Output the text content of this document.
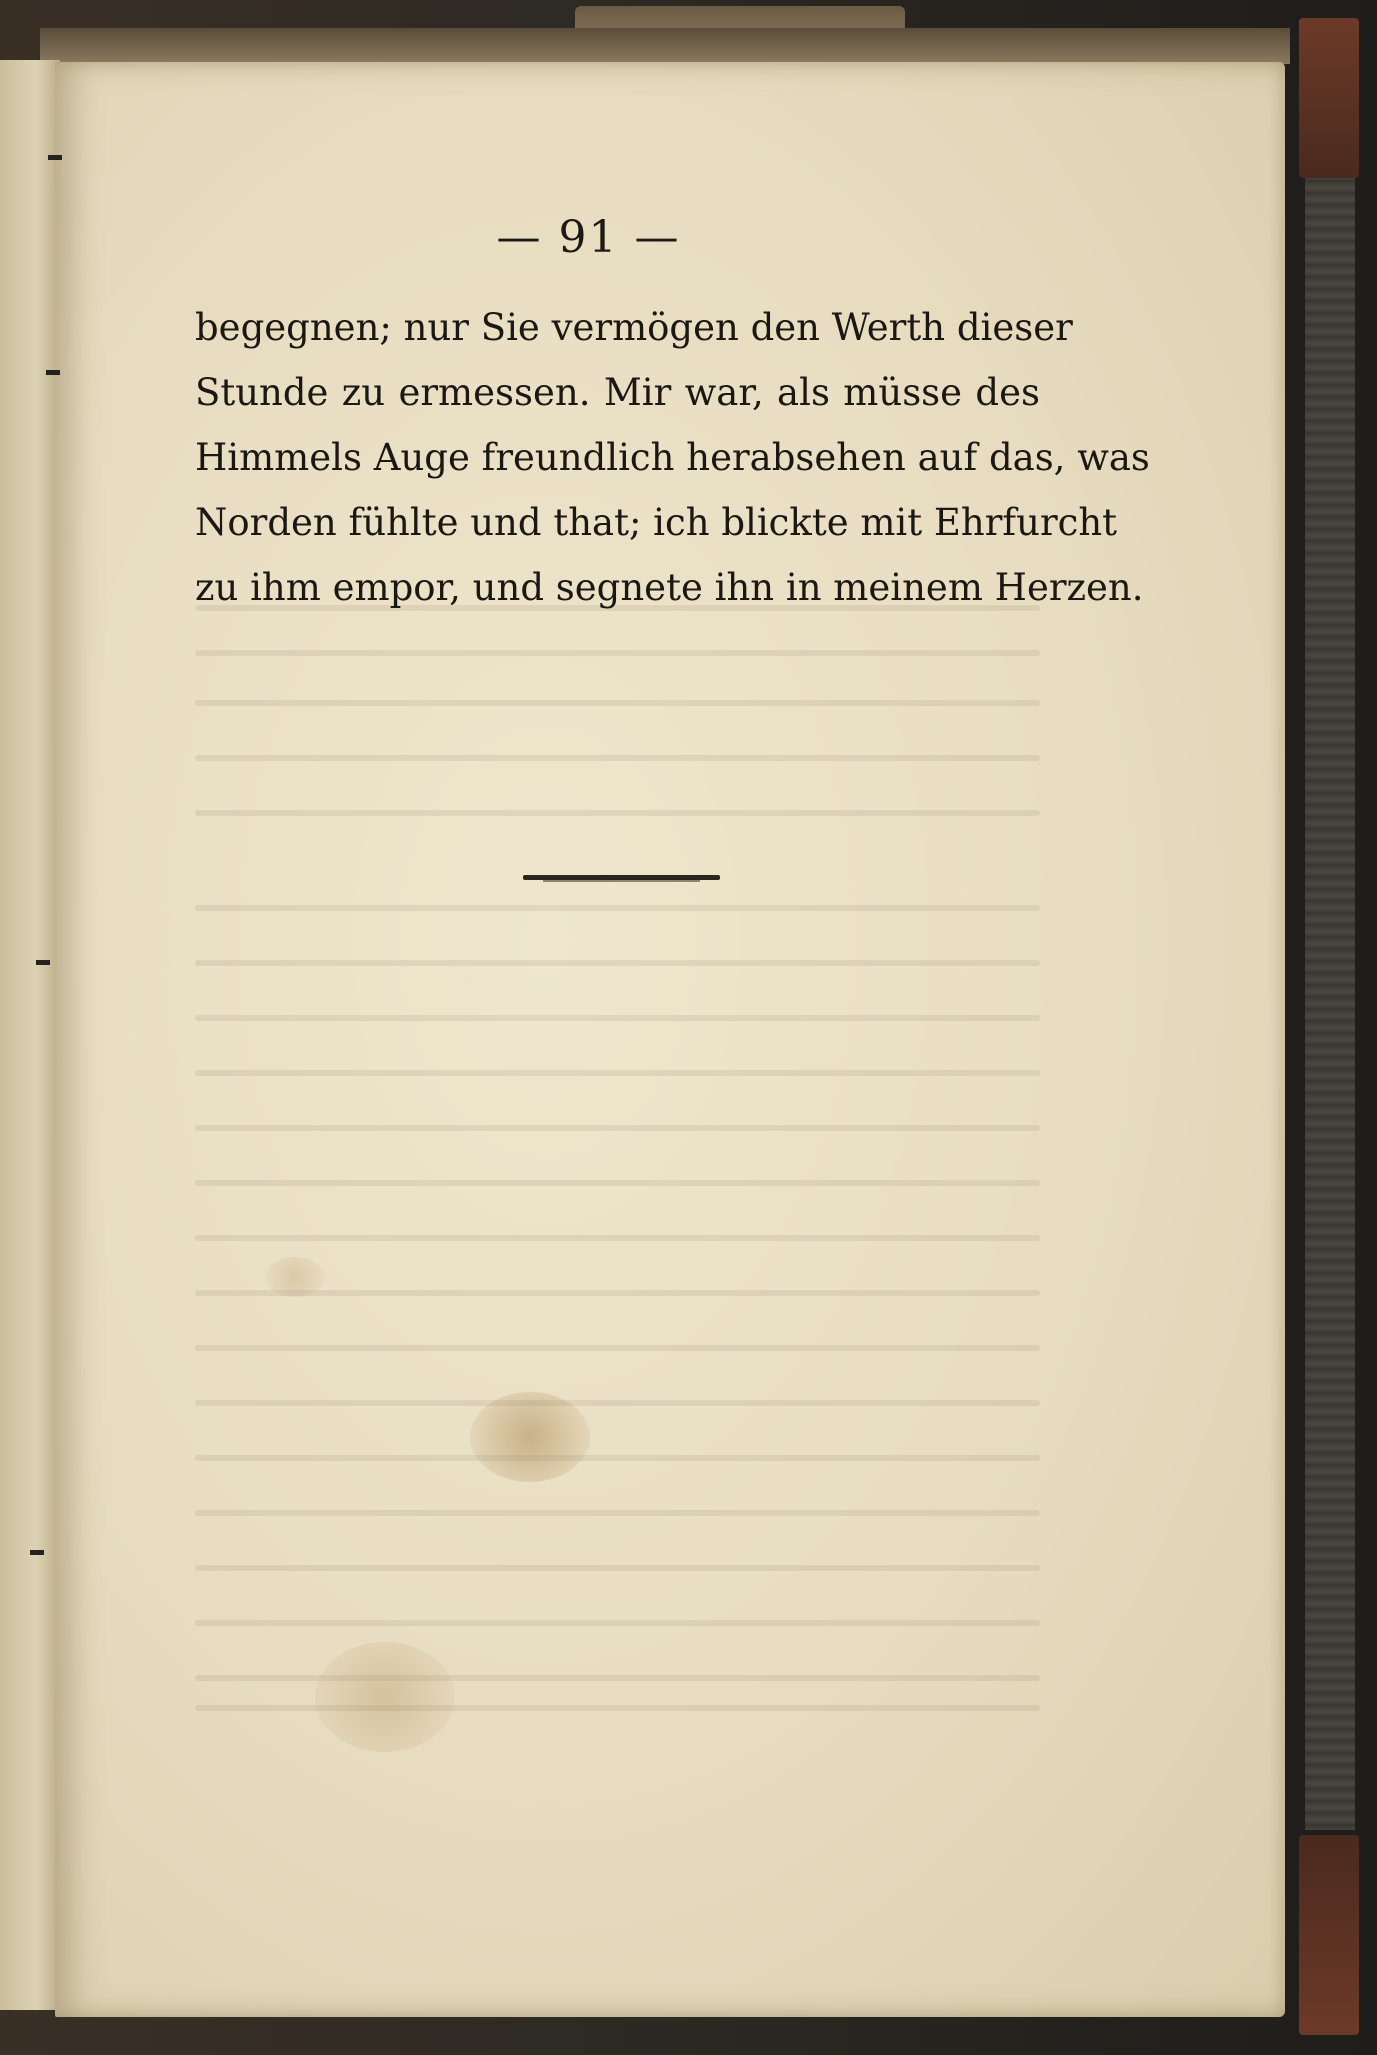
— 91 —
begegnen; nur Sie vermögen den Werth dieser
Stunde zu ermessen. Mir war, als müsse des
Himmels Auge freundlich herabsehen auf das, was
Norden fühlte und that; ich blickte mit Ehrfurcht
zu ihm empor, und segnete ihn in meinem Herzen.
